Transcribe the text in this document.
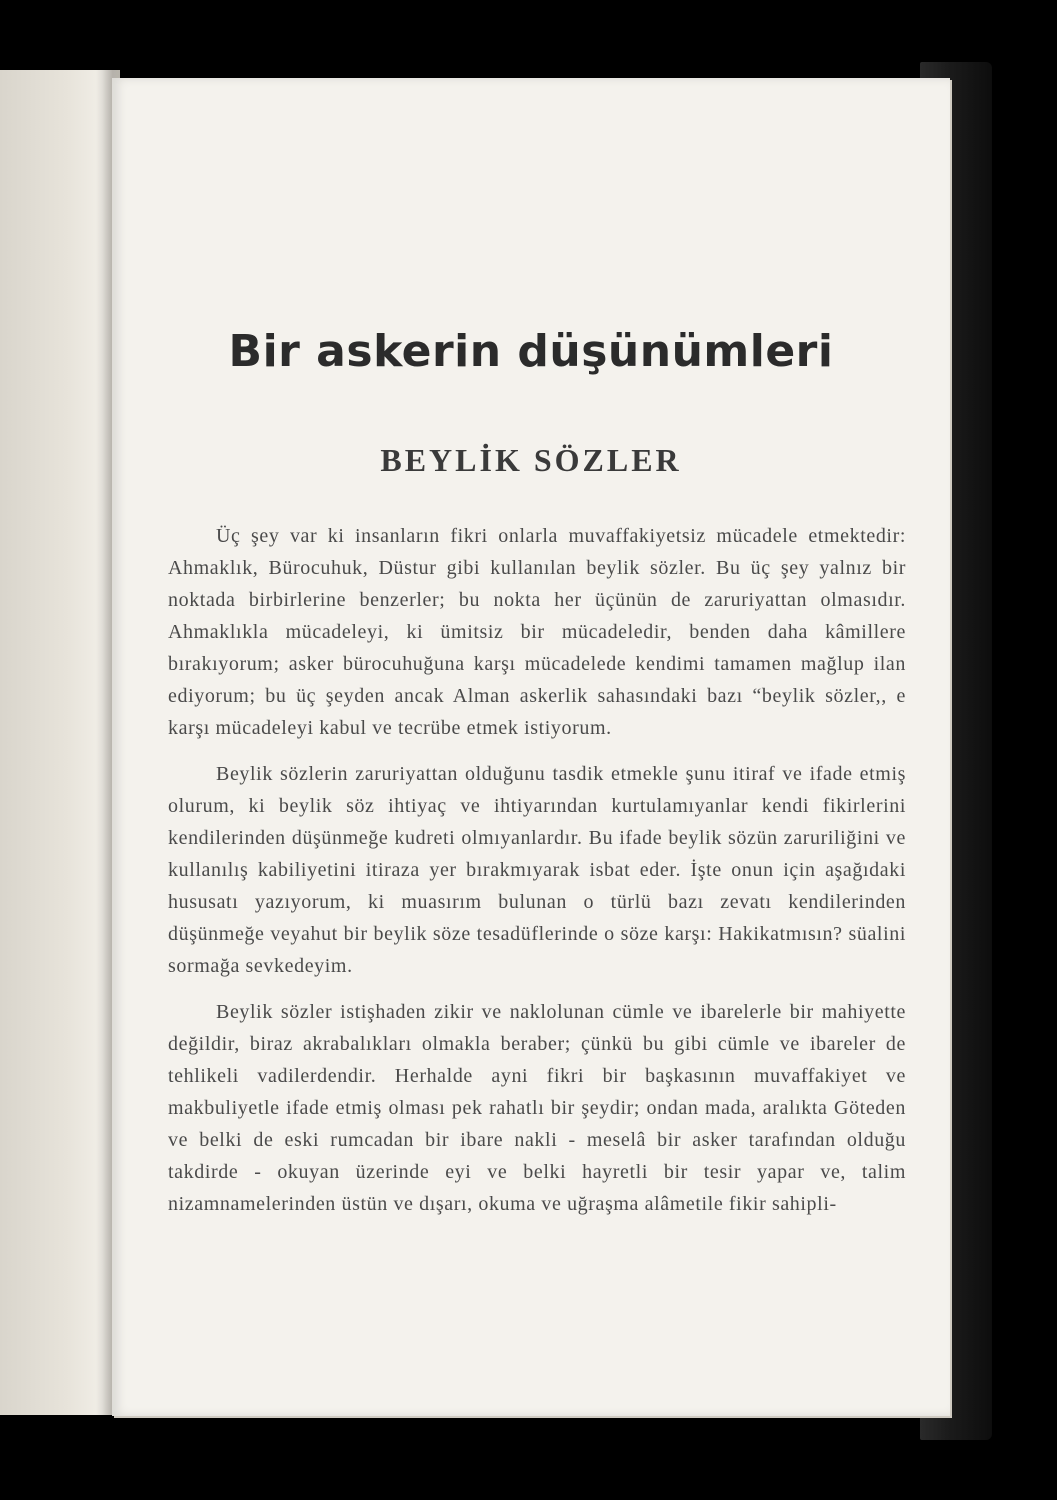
Bir askerin düşünümleri
BEYLİK SÖZLER

Üç şey var ki insanların fikri onlarla muvaffakiyetsiz mücadele etmektedir: Ahmaklık, Bürocuhuk, Düstur gibi kullanılan beylik sözler. Bu üç şey yalnız bir noktada birbirlerine benzerler; bu nokta her üçünün de zaruriyattan olmasıdır. Ahmaklıkla mücadeleyi, ki ümitsiz bir mücadeledir, benden daha kâmillere bırakıyorum; asker bürocuhuğuna karşı mücadelede kendimi tamamen mağlup ilan ediyorum; bu üç şeyden ancak Alman askerlik sahasındaki bazı “beylik sözler,, e karşı mücadeleyi kabul ve tecrübe etmek istiyorum.

Beylik sözlerin zaruriyattan olduğunu tasdik etmekle şunu itiraf ve ifade etmiş olurum, ki beylik söz ihtiyaç ve ihtiyarından kurtulamıyanlar kendi fikirlerini kendilerinden düşünmeğe kudreti olmıyanlardır. Bu ifade beylik sözün zaruriliğini ve kullanılış kabiliyetini itiraza yer bırakmıyarak isbat eder. İşte onun için aşağıdaki hususatı yazıyorum, ki muasırım bulunan o türlü bazı zevatı kendilerinden düşünmeğe veyahut bir beylik söze tesadüflerinde o söze karşı: Hakikatmısın? süalini sormağa sevkedeyim.

Beylik sözler istişhaden zikir ve naklolunan cümle ve ibarelerle bir mahiyette değildir, biraz akrabalıkları olmakla beraber; çünkü bu gibi cümle ve ibareler de tehlikeli vadilerdendir. Herhalde ayni fikri bir başkasının muvaffakiyet ve makbuliyetle ifade etmiş olması pek rahatlı bir şeydir; ondan mada, aralıkta Göteden ve belki de eski rumcadan bir ibare nakli - meselâ bir asker tarafından olduğu takdirde - okuyan üzerinde eyi ve belki hayretli bir tesir yapar ve, talim nizamnamelerinden üstün ve dışarı, okuma ve uğraşma alâmetile fikir sahipli-
